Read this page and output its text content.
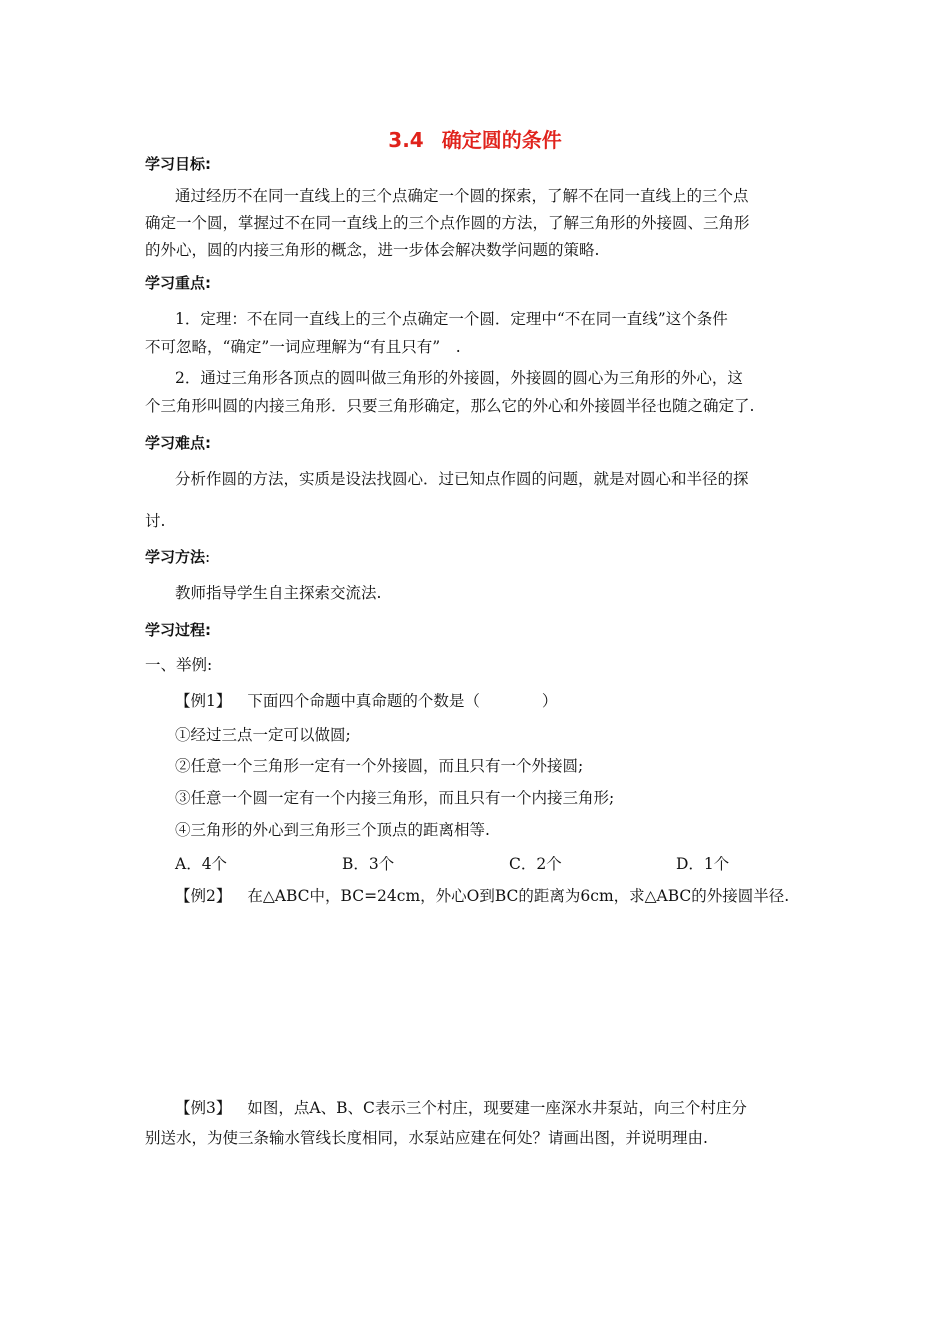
3.4 确定圆的条件
学习目标:
通过经历不在同一直线上的三个点确定一个圆的探索，了解不在同一直线上的三个点
确定一个圆，掌握过不在同一直线上的三个点作圆的方法，了解三角形的外接圆、三角形
的外心，圆的内接三角形的概念，进一步体会解决数学问题的策略.
学习重点:
1．定理：不在同一直线上的三个点确定一个圆．定理中“不在同一直线”这个条件
不可忽略，“确定”一词应理解为“有且只有”　.
2．通过三角形各顶点的圆叫做三角形的外接圆，外接圆的圆心为三角形的外心，这
个三角形叫圆的内接三角形．只要三角形确定，那么它的外心和外接圆半径也随之确定了.
学习难点:
分析作圆的方法，实质是设法找圆心．过已知点作圆的问题，就是对圆心和半径的探
讨.
学习方法:
教师指导学生自主探索交流法.
学习过程:
一、举例:
【例1】 下面四个命题中真命题的个数是（	）
①经过三点一定可以做圆;
②任意一个三角形一定有一个外接圆，而且只有一个外接圆;
③任意一个圆一定有一个内接三角形，而且只有一个内接三角形;
④三角形的外心到三角形三个顶点的距离相等.
A．4个	B．3个	C．2个	D．1个
【例2】 在△ABC中，BC=24cm，外心O到BC的距离为6cm，求△ABC的外接圆半径.
【例3】 如图，点A、B、C表示三个村庄，现要建一座深水井泵站，向三个村庄分
别送水，为使三条输水管线长度相同，水泵站应建在何处？请画出图，并说明理由.
